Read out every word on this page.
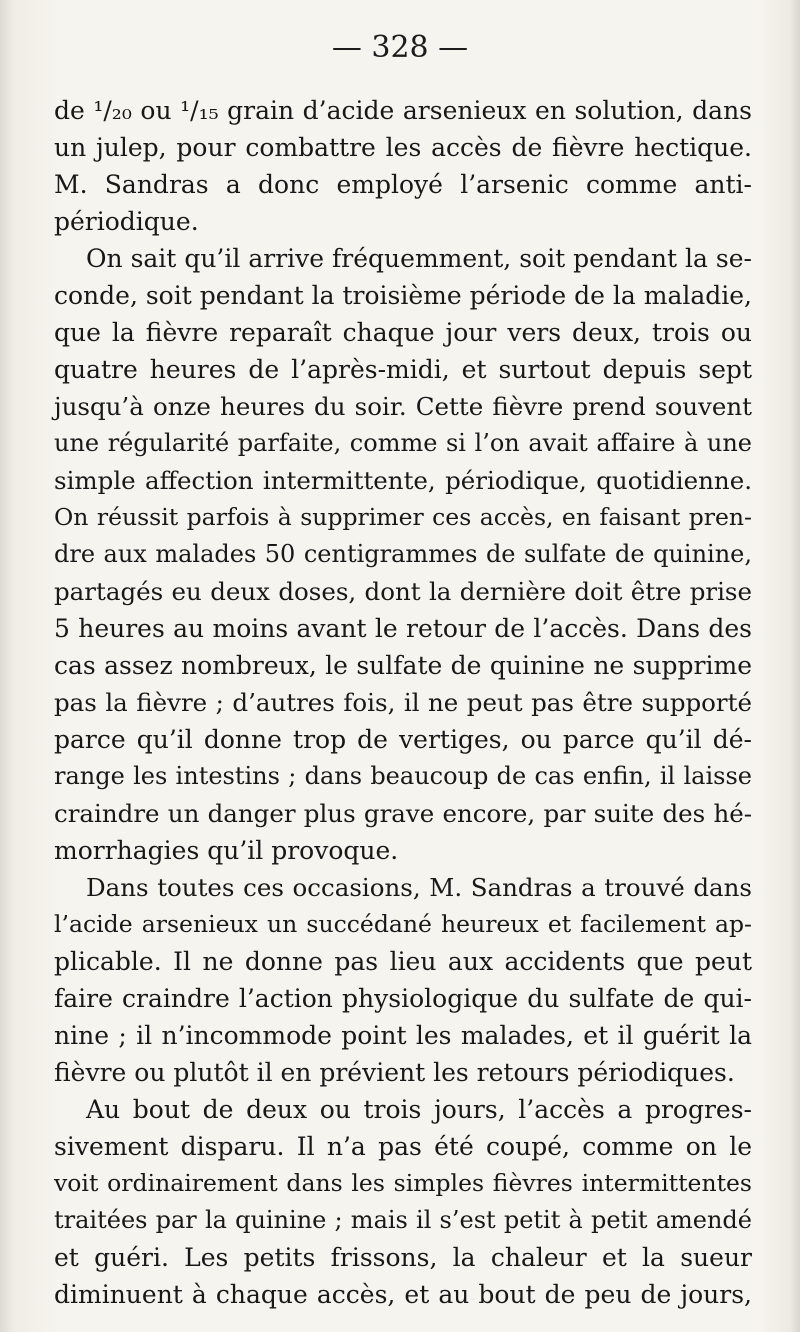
— 328 —
de ¹/₂₀ ou ¹/₁₅ grain d’acide arsenieux en solution, dans
un julep, pour combattre les accès de fièvre hectique.
M. Sandras a donc employé l’arsenic comme anti-
périodique.
On sait qu’il arrive fréquemment, soit pendant la se-
conde, soit pendant la troisième période de la maladie,
que la fièvre reparaît chaque jour vers deux, trois ou
quatre heures de l’après-midi, et surtout depuis sept
jusqu’à onze heures du soir. Cette fièvre prend souvent
une régularité parfaite, comme si l’on avait affaire à une
simple affection intermittente, périodique, quotidienne.
On réussit parfois à supprimer ces accès, en faisant pren-
dre aux malades 50 centigrammes de sulfate de quinine,
partagés eu deux doses, dont la dernière doit être prise
5 heures au moins avant le retour de l’accès. Dans des
cas assez nombreux, le sulfate de quinine ne supprime
pas la fièvre ; d’autres fois, il ne peut pas être supporté
parce qu’il donne trop de vertiges, ou parce qu’il dé-
range les intestins ; dans beaucoup de cas enfin, il laisse
craindre un danger plus grave encore, par suite des hé-
morrhagies qu’il provoque.
Dans toutes ces occasions, M. Sandras a trouvé dans
l’acide arsenieux un succédané heureux et facilement ap-
plicable. Il ne donne pas lieu aux accidents que peut
faire craindre l’action physiologique du sulfate de qui-
nine ; il n’incommode point les malades, et il guérit la
fièvre ou plutôt il en prévient les retours périodiques.
Au bout de deux ou trois jours, l’accès a progres-
sivement disparu. Il n’a pas été coupé, comme on le
voit ordinairement dans les simples fièvres intermittentes
traitées par la quinine ; mais il s’est petit à petit amendé
et guéri. Les petits frissons, la chaleur et la sueur
diminuent à chaque accès, et au bout de peu de jours,
